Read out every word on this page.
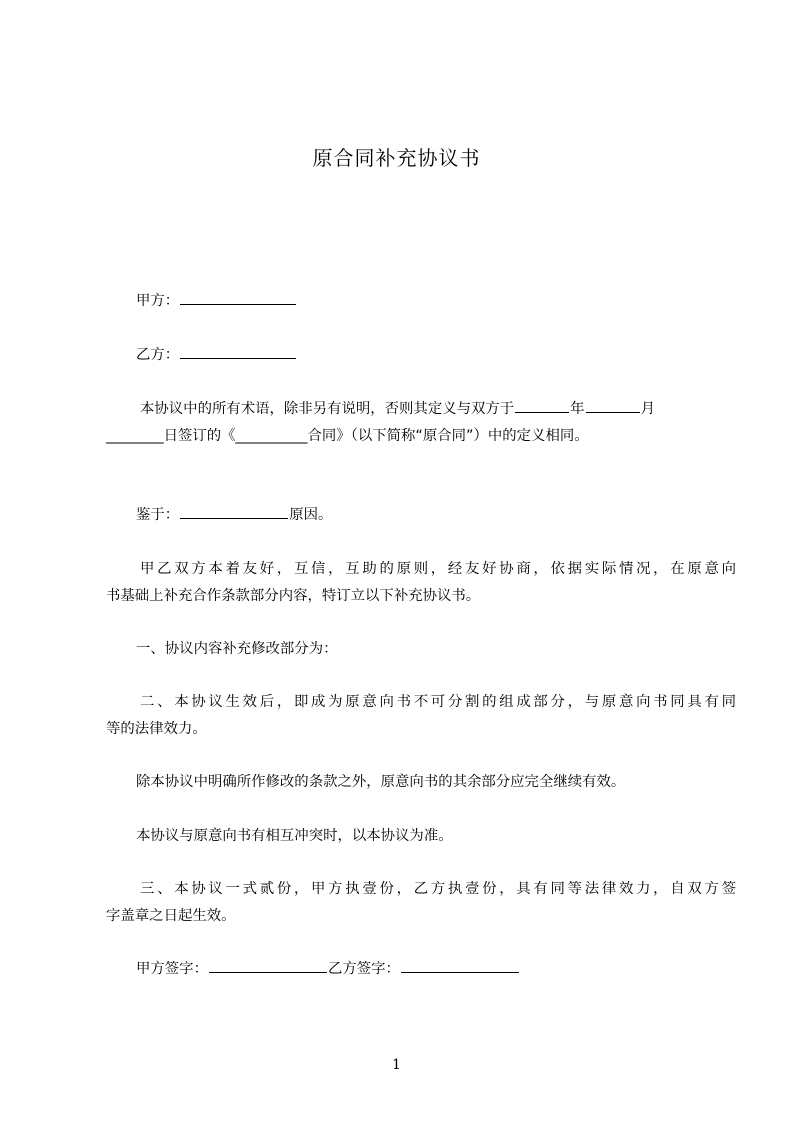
原合同补充协议书
甲方：
乙方：
本协议中的所有术语，除非另有说明，否则其定义与双方于	年	月
________日签订的《__________合同》（以下简称“原合同”）中的定义相同。
鉴于：	原因。
甲乙双方本着友好，互信，互助的原则，经友好协商，依据实际情况，在原意向
书基础上补充合作条款部分内容，特订立以下补充协议书。
一、协议内容补充修改部分为：
二、本协议生效后，即成为原意向书不可分割的组成部分，与原意向书同具有同
等的法律效力。
除本协议中明确所作修改的条款之外，原意向书的其余部分应完全继续有效。
本协议与原意向书有相互冲突时，以本协议为准。
三、本协议一式贰份，甲方执壹份，乙方执壹份，具有同等法律效力，自双方签
字盖章之日起生效。
甲方签字：	乙方签字：
1
